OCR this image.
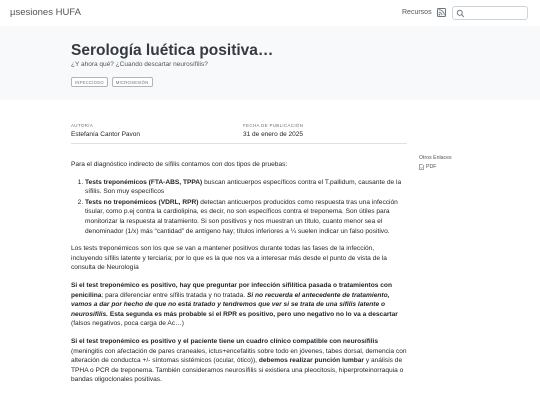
µsesiones HUFA	Recursos
Serología luética positiva…
¿Y ahora qué? ¿Cuando descartar neurosífilis?
INFECCIOSO	MICROSESIÓN
AUTOR/A
Estefanía Cantor Pavon
FECHA DE PUBLICACIÓN
31 de enero de 2025
Otros Enlaces
PDF

Para el diagnóstico indirecto de sífilis contamos con dos tipos de pruebas:

1. Tests treponémicos (FTA-ABS, TPPA) buscan anticuerpos específicos contra el T.pallidum, causante de la sífilis. Son muy específicos
2. Tests no treponémicos (VDRL, RPR) detectan anticuerpos producidos como respuesta tras una infección tisular, como p.ej contra la cardiolipina, es decir, no son específicos contra el treponema. Son útiles para monitorizar la respuesta al tratamiento. Si son positivos y nos muestran un título, cuanto menor sea el denominador (1/x) más “cantidad” de antígeno hay; títulos inferiores a ¼ suelen indicar un falso positivo.

Los tests treponémicos son los que se van a mantener positivos durante todas las fases de la infección, incluyendo sífilis latente y terciaria; por lo que es la que nos va a interesar más desde el punto de vista de la consulta de Neurología

Si el test treponémico es positivo, hay que preguntar por infección sifilítica pasada o tratamientos con penicilina; para diferenciar entre sífilis tratada y no tratada. Si no recuerda el antecedente de tratamiento, vamos a dar por hecho de que no está tratado y tendremos que ver si se trata de una sífilis latente o neurosífilis. Esta segunda es más probable si el RPR es positivo, pero uno negativo no lo va a descartar (falsos negativos, poca carga de Ac…)

Si el test treponémico es positivo y el paciente tiene un cuadro clínico compatible con neurosífilis (meningitis con afectación de pares craneales, ictus+encefalitis sobre todo en jóvenes, tabes dorsal, demencia con alteración de conductca +/- síntomas sistémicos (ocular, ótico)), debemos realizar punción lumbar y análisis de TPHA o PCR de treponema. También consideramos neurosífilis si existiera una pleocitosis, hiperproteinorraquia o bandas oligoclonales positivas.
